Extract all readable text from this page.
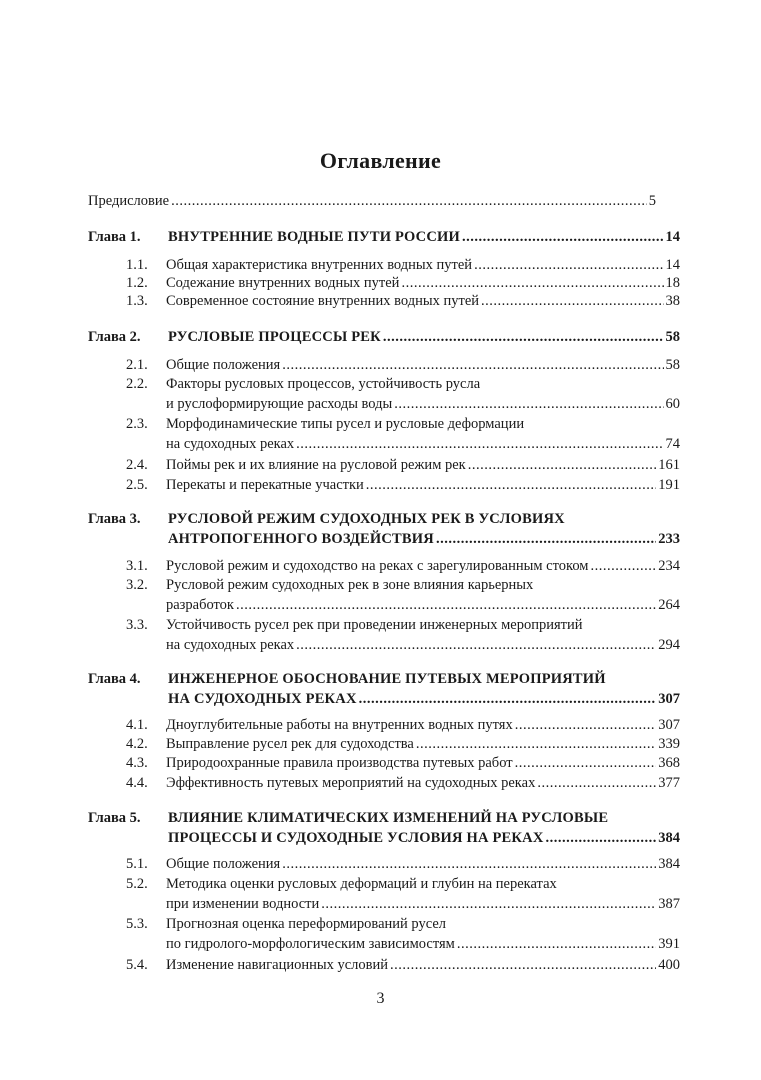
Оглавление
Предисловие .....	5
Глава 1. ВНУТРЕННИЕ ВОДНЫЕ ПУТИ РОССИИ .....	14
1.1. Общая характеристика внутренних водных путей .....	14
1.2. Содежание внутренних водных путей .....	18
1.3. Современное состояние внутренних водных путей .....	38
Глава 2. РУСЛОВЫЕ ПРОЦЕССЫ РЕК .....	58
2.1. Общие положения .....	58
2.2. Факторы русловых процессов, устойчивость русла
и руслоформирующие расходы воды .....	60
2.3. Морфодинамические типы русел и русловые деформации
на судоходных реках .....	74
2.4. Поймы рек и их влияние на русловой режим рек .....	161
2.5. Перекаты и перекатные участки .....	191
Глава 3. РУСЛОВОЙ РЕЖИМ СУДОХОДНЫХ РЕК В УСЛОВИЯХ
АНТРОПОГЕННОГО ВОЗДЕЙСТВИЯ .....	233
3.1. Русловой режим и судоходство на реках с зарегулированным стоком .....	234
3.2. Русловой режим судоходных рек в зоне влияния карьерных
разработок .....	264
3.3. Устойчивость русел рек при проведении инженерных мероприятий
на судоходных реках .....	294
Глава 4. ИНЖЕНЕРНОЕ ОБОСНОВАНИЕ ПУТЕВЫХ МЕРОПРИЯТИЙ
НА СУДОХОДНЫХ РЕКАХ .....	307
4.1. Дноуглубительные работы на внутренних водных путях .....	307
4.2. Выправление русел рек для судоходства .....	339
4.3. Природоохранные правила производства путевых работ .....	368
4.4. Эффективность путевых мероприятий на судоходных реках .....	377
Глава 5. ВЛИЯНИЕ КЛИМАТИЧЕСКИХ ИЗМЕНЕНИЙ НА РУСЛОВЫЕ
ПРОЦЕССЫ И СУДОХОДНЫЕ УСЛОВИЯ НА РЕКАХ .....	384
5.1. Общие положения .....	384
5.2. Методика оценки русловых деформаций и глубин на перекатах
при изменении водности .....	387
5.3. Прогнозная оценка переформирований русел
по гидролого-морфологическим зависимостям .....	391
5.4. Изменение навигационных условий .....	400
3
